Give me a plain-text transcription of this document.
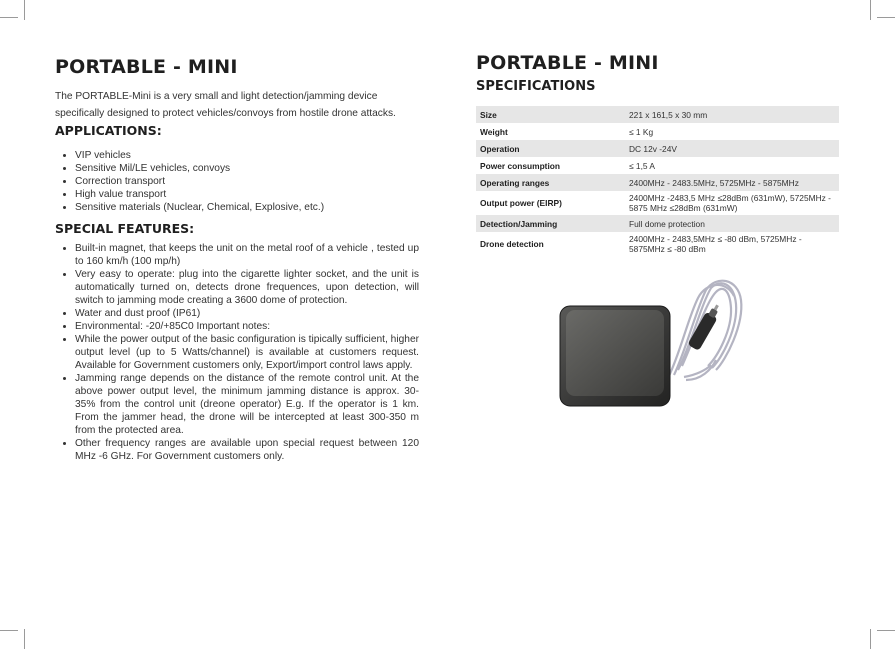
PORTABLE - MINI
The PORTABLE-Mini is a very small and light detection/jamming device specifically designed to protect vehicles/convoys from hostile drone attacks. APPLICATIONS:
• VIP vehicles
• Sensitive Mil/LE vehicles, convoys
• Correction transport
• High value transport
• Sensitive materials (Nuclear, Chemical, Explosive, etc.)
SPECIAL FEATURES:
• Built-in magnet, that keeps the unit on the metal roof of a vehicle , tested up to 160 km/h (100 mp/h)
• Very easy to operate: plug into the cigarette lighter socket, and the unit is automatically turned on, detects drone frequences, upon detection, will switch to jamming mode creating a 3600 dome of protection.
• Water and dust proof (IP61)
• Environmental: -20/+85C0 Important notes:
• While the power output of the basic configuration is tipically sufficient, higher output level (up to 5 Watts/channel) is available at customers request. Available for Government customers only, Export/import control laws apply.
• Jamming range depends on the distance of the remote control unit. At the above power output level, the minimum jamming distance is approx. 30-35% from the control unit (dreone operator) E.g. If the operator is 1 km. From the jammer head, the drone will be intercepted at least 300-350 m from the protected area.
• Other frequency ranges are available upon special request between 120 MHz -6 GHz. For Government customers only.
PORTABLE - MINI
SPECIFICATIONS
Size	221 x 161,5 x 30 mm
Weight	≤ 1 Kg
Operation	DC 12v -24V
Power consumption	≤ 1,5 A
Operating ranges	2400MHz - 2483.5MHz, 5725MHz - 5875MHz
Output power (EIRP)	2400MHz -2483,5 MHz ≤28dBm (631mW), 5725MHz - 5875 MHz ≤28dBm (631mW)
Detection/Jamming	Full dome protection
Drone detection	2400MHz - 2483,5MHz ≤ -80 dBm, 5725MHz - 5875MHz ≤ -80 dBm
